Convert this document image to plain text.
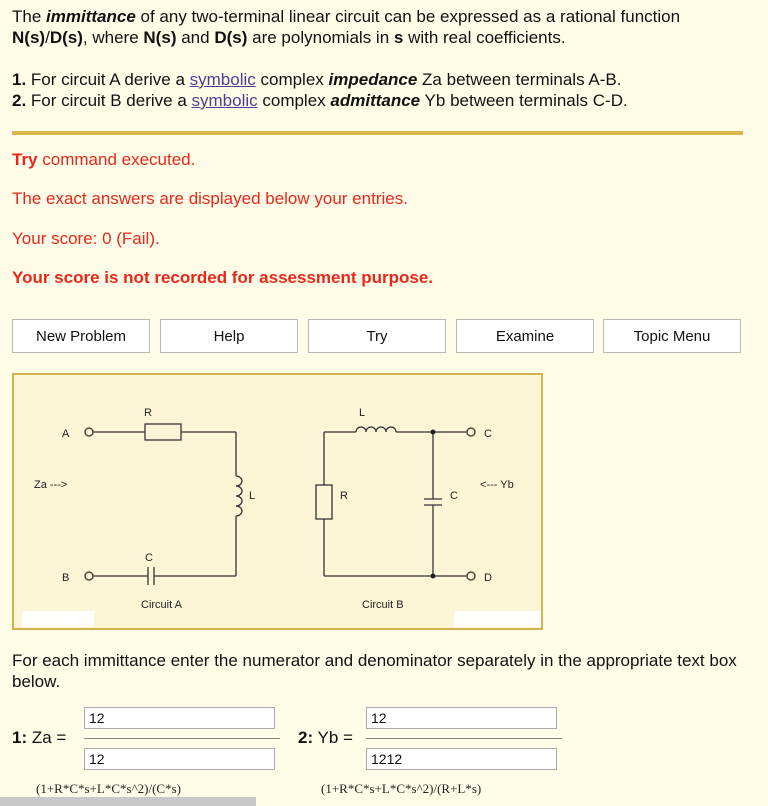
The immittance of any two-terminal linear circuit can be expressed as a rational function
N(s)/D(s), where N(s) and D(s) are polynomials in s with real coefficients.

1. For circuit A derive a symbolic complex impedance Za between terminals A-B.
2. For circuit B derive a symbolic complex admittance Yb between terminals C-D.
Try command executed.
The exact answers are displayed below your entries.
Your score: 0 (Fail).
Your score is not recorded for assessment purpose.
New Problem	Help	Try	Examine	Topic Menu
A
B
R
L
C
Za --->
Circuit A
L
R	C
C
D
<--- Yb
Circuit B
For each immittance enter the numerator and denominator separately in the appropriate text box below.
1: Za =
12
12
(1+R*C*s+L*C*s^2)/(C*s)
2: Yb =
12
1212
(1+R*C*s+L*C*s^2)/(R+L*s)
